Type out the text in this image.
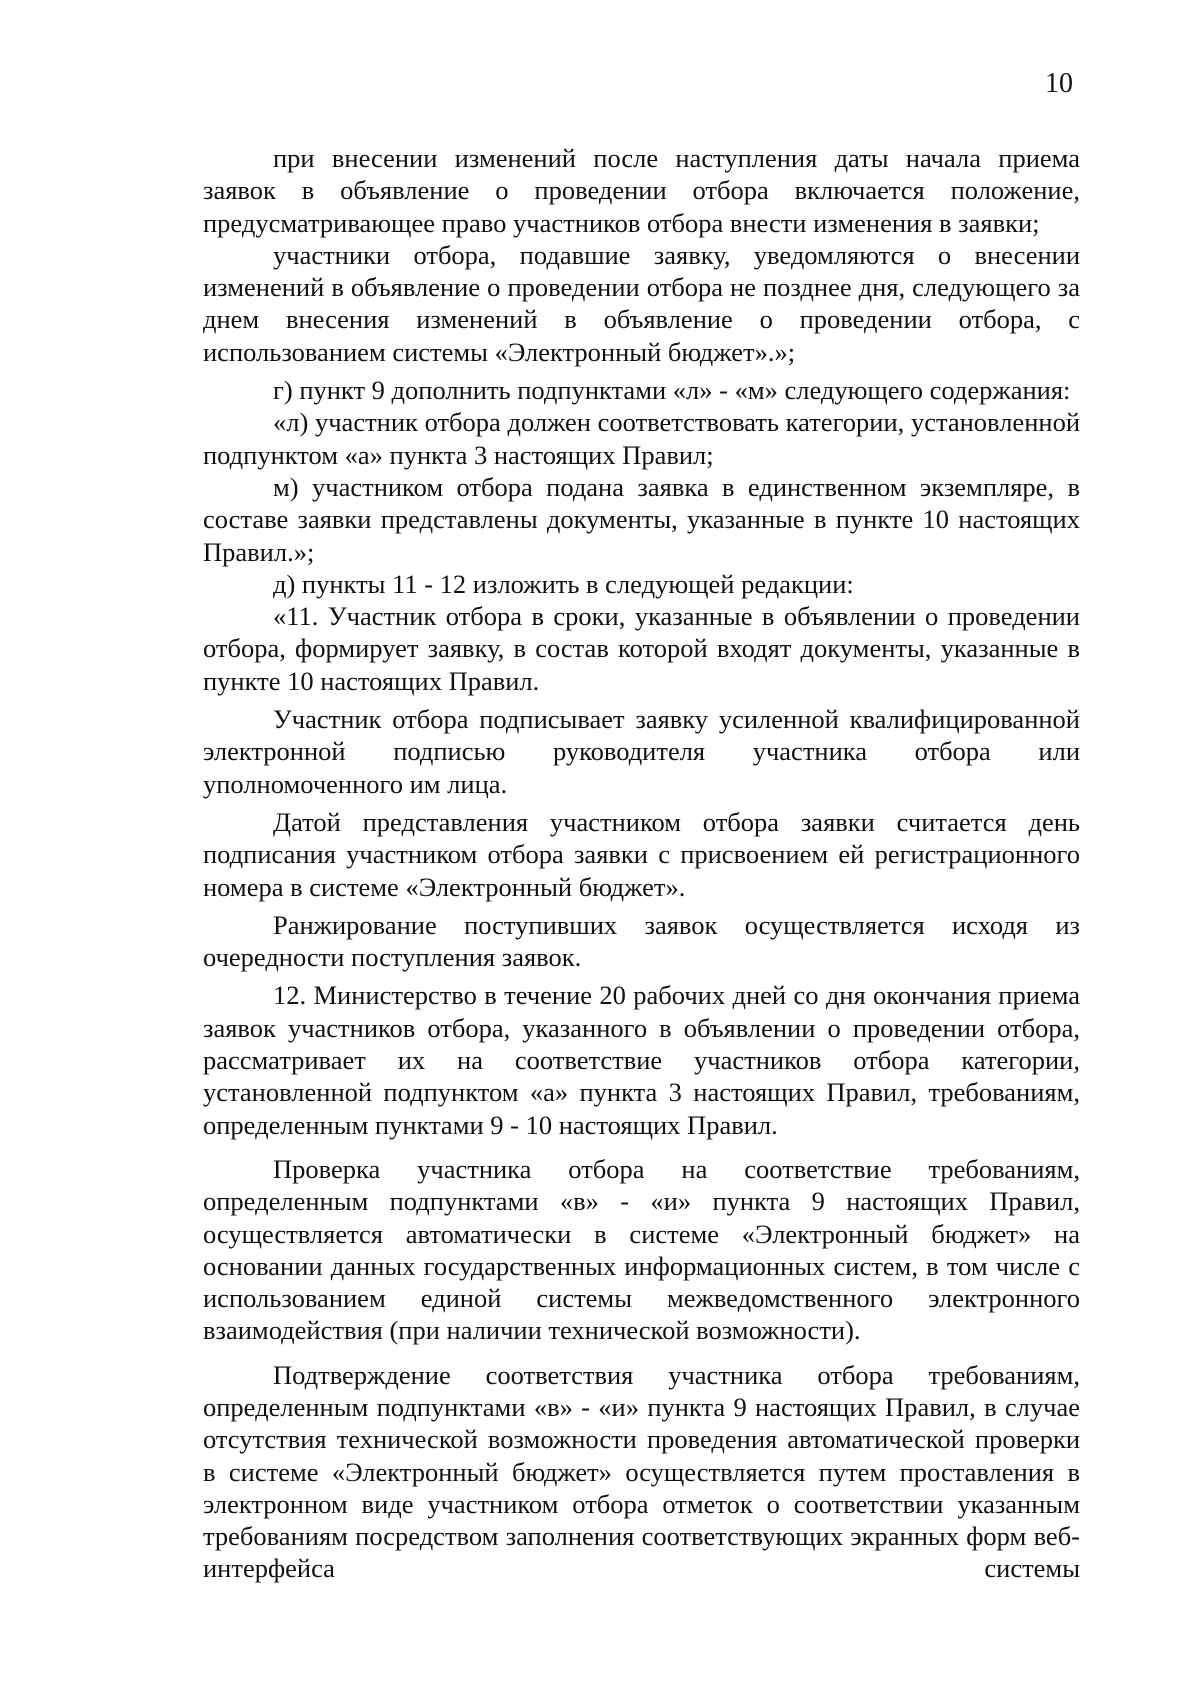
10

при внесении изменений после наступления даты начала приема заявок в объявление о проведении отбора включается положение, предусматривающее право участников отбора внести изменения в заявки;

участники отбора, подавшие заявку, уведомляются о внесении изменений в объявление о проведении отбора не позднее дня, следующего за днем внесения изменений в объявление о проведении отбора, с использованием системы «Электронный бюджет».»;

г) пункт 9 дополнить подпунктами «л» - «м» следующего содержания:

«л) участник отбора должен соответствовать категории, установленной подпунктом «а» пункта 3 настоящих Правил;

м) участником отбора подана заявка в единственном экземпляре, в составе заявки представлены документы, указанные в пункте 10 настоящих Правил.»;

д) пункты 11 - 12 изложить в следующей редакции:

«11. Участник отбора в сроки, указанные в объявлении о проведении отбора, формирует заявку, в состав которой входят документы, указанные в пункте 10 настоящих Правил.

Участник отбора подписывает заявку усиленной квалифицированной электронной подписью руководителя участника отбора или уполномоченного им лица.

Датой представления участником отбора заявки считается день подписания участником отбора заявки с присвоением ей регистрационного номера в системе «Электронный бюджет».

Ранжирование поступивших заявок осуществляется исходя из очередности поступления заявок.

12. Министерство в течение 20 рабочих дней со дня окончания приема заявок участников отбора, указанного в объявлении о проведении отбора, рассматривает их на соответствие участников отбора категории, установленной подпунктом «а» пункта 3 настоящих Правил, требованиям, определенным пунктами 9 - 10 настоящих Правил.

Проверка участника отбора на соответствие требованиям, определенным подпунктами «в» - «и» пункта 9 настоящих Правил, осуществляется автоматически в системе «Электронный бюджет» на основании данных государственных информационных систем, в том числе с использованием единой системы межведомственного электронного взаимодействия (при наличии технической возможности).

Подтверждение соответствия участника отбора требованиям, определенным подпунктами «в» - «и» пункта 9 настоящих Правил, в случае отсутствия технической возможности проведения автоматической проверки в системе «Электронный бюджет» осуществляется путем проставления в электронном виде участником отбора отметок о соответствии указанным требованиям посредством заполнения соответствующих экранных форм веб-интерфейса системы
